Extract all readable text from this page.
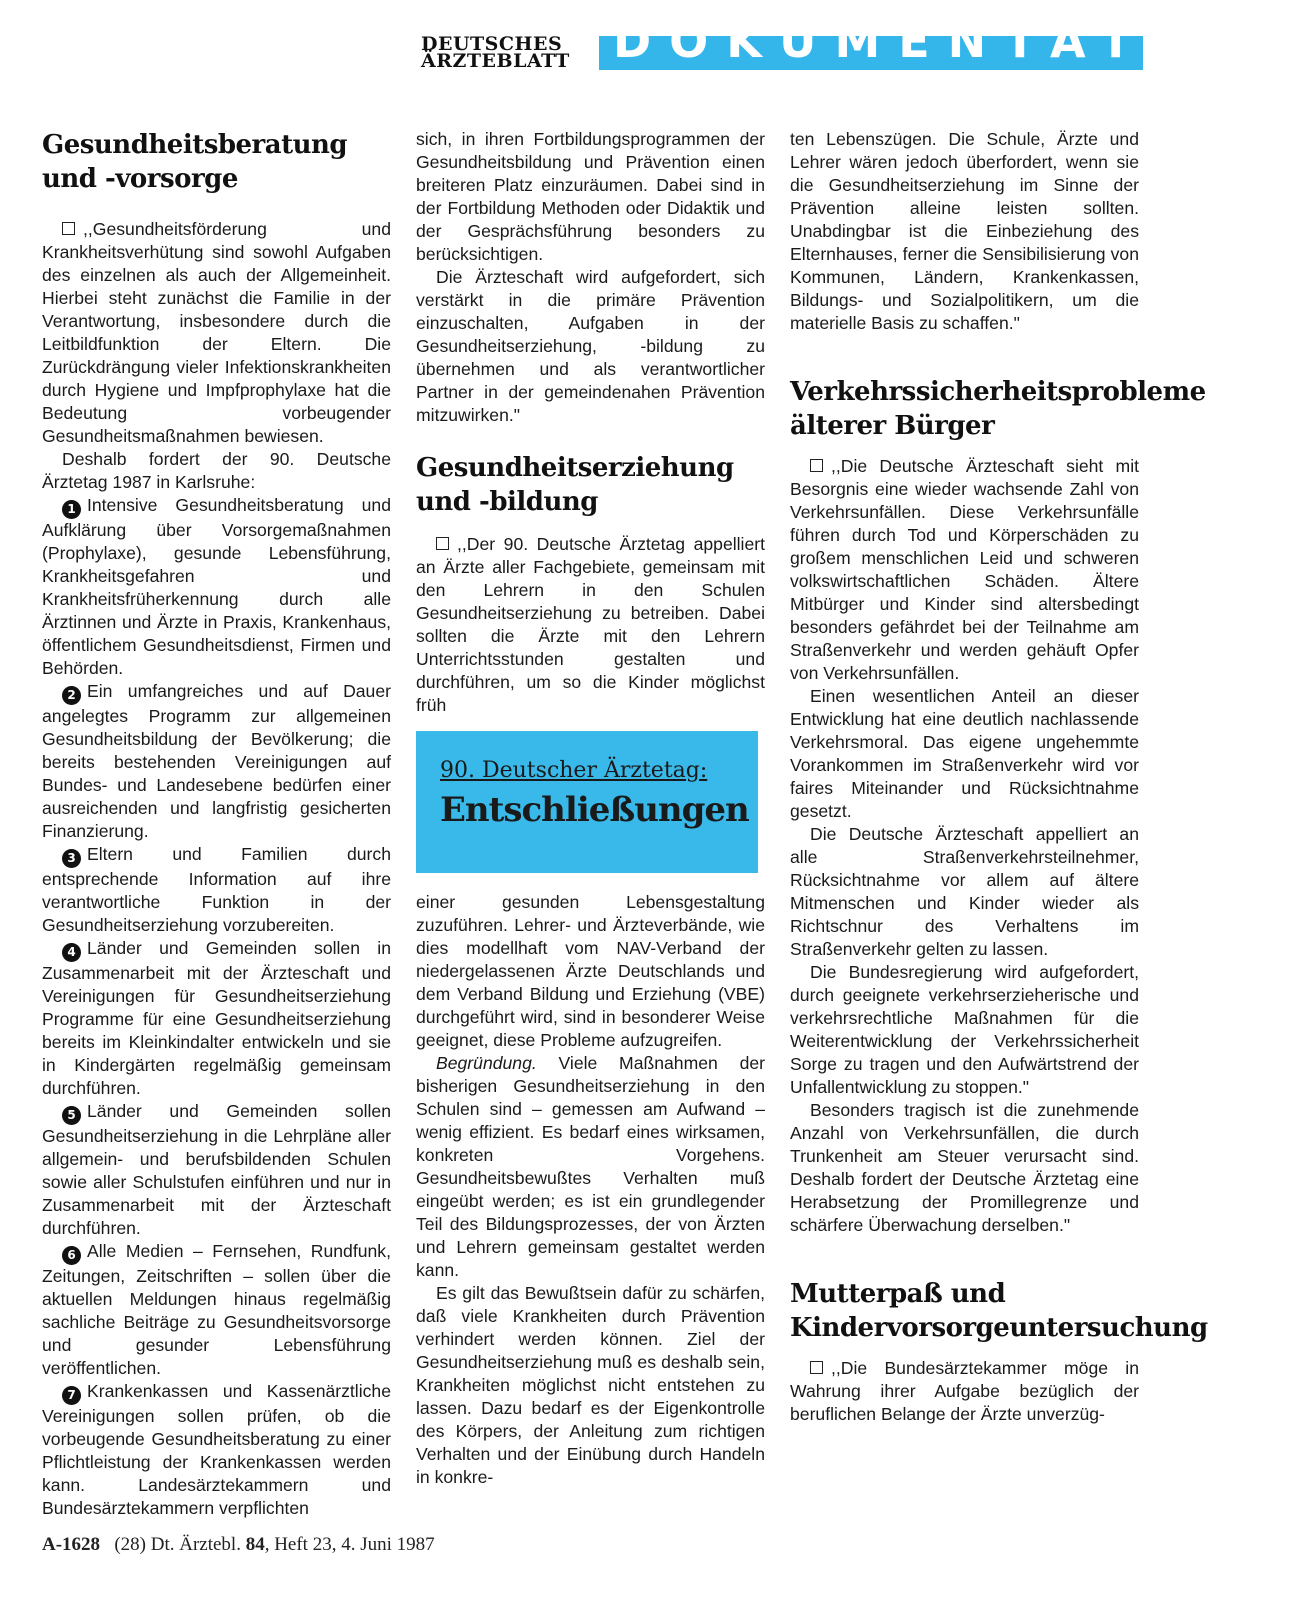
DEUTSCHES
ÄRZTEBLATT DOKUMENTATION
Gesundheitsberatung und -vorsorge

,,Gesundheitsförderung und Krankheitsverhütung sind sowohl Aufgaben des einzelnen als auch der Allgemeinheit. Hierbei steht zunächst die Familie in der Verantwortung, insbesondere durch die Leitbildfunktion der Eltern. Die Zurückdrängung vieler Infektionskrankheiten durch Hygiene und Impfprophylaxe hat die Bedeutung vorbeugender Gesundheitsmaßnahmen bewiesen.

Deshalb fordert der 90. Deutsche Ärztetag 1987 in Karlsruhe:

1 Intensive Gesundheitsberatung und Aufklärung über Vorsorgemaßnahmen (Prophylaxe), gesunde Lebensführung, Krankheitsgefahren und Krankheitsfrüherkennung durch alle Ärztinnen und Ärzte in Praxis, Krankenhaus, öffentlichem Gesundheitsdienst, Firmen und Behörden.

2 Ein umfangreiches und auf Dauer angelegtes Programm zur allgemeinen Gesundheitsbildung der Bevölkerung; die bereits bestehenden Vereinigungen auf Bundes- und Landesebene bedürfen einer ausreichenden und langfristig gesicherten Finanzierung.

3 Eltern und Familien durch entsprechende Information auf ihre verantwortliche Funktion in der Gesundheitserziehung vorzubereiten.

4 Länder und Gemeinden sollen in Zusammenarbeit mit der Ärzteschaft und Vereinigungen für Gesundheitserziehung Programme für eine Gesundheitserziehung bereits im Kleinkindalter entwickeln und sie in Kindergärten regelmäßig gemeinsam durchführen.

5 Länder und Gemeinden sollen Gesundheitserziehung in die Lehrpläne aller allgemein- und berufsbildenden Schulen sowie aller Schulstufen einführen und nur in Zusammenarbeit mit der Ärzteschaft durchführen.

6 Alle Medien – Fernsehen, Rundfunk, Zeitungen, Zeitschriften – sollen über die aktuellen Meldungen hinaus regelmäßig sachliche Beiträge zu Gesundheitsvorsorge und gesunder Lebensführung veröffentlichen.

7 Krankenkassen und Kassenärztliche Vereinigungen sollen prüfen, ob die vorbeugende Gesundheitsberatung zu einer Pflichtleistung der Krankenkassen werden kann. Landesärztekammern und Bundesärztekammern verpflichten

sich, in ihren Fortbildungsprogrammen der Gesundheitsbildung und Prävention einen breiteren Platz einzuräumen. Dabei sind in der Fortbildung Methoden oder Didaktik und der Gesprächsführung besonders zu berücksichtigen.

Die Ärzteschaft wird aufgefordert, sich verstärkt in die primäre Prävention einzuschalten, Aufgaben in der Gesundheitserziehung, -bildung zu übernehmen und als verantwortlicher Partner in der gemeindenahen Prävention mitzuwirken."

Gesundheitserziehung und -bildung

,,Der 90. Deutsche Ärztetag appelliert an Ärzte aller Fachgebiete, gemeinsam mit den Lehrern in den Schulen Gesundheitserziehung zu betreiben. Dabei sollten die Ärzte mit den Lehrern Unterrichtsstunden gestalten und durchführen, um so die Kinder möglichst früh

90. Deutscher Ärztetag:
Entschließungen

einer gesunden Lebensgestaltung zuzuführen. Lehrer- und Ärzteverbände, wie dies modellhaft vom NAV-Verband der niedergelassenen Ärzte Deutschlands und dem Verband Bildung und Erziehung (VBE) durchgeführt wird, sind in besonderer Weise geeignet, diese Probleme aufzugreifen.

Begründung. Viele Maßnahmen der bisherigen Gesundheitserziehung in den Schulen sind – gemessen am Aufwand – wenig effizient. Es bedarf eines wirksamen, konkreten Vorgehens. Gesundheitsbewußtes Verhalten muß eingeübt werden; es ist ein grundlegender Teil des Bildungsprozesses, der von Ärzten und Lehrern gemeinsam gestaltet werden kann.

Es gilt das Bewußtsein dafür zu schärfen, daß viele Krankheiten durch Prävention verhindert werden können. Ziel der Gesundheitserziehung muß es deshalb sein, Krankheiten möglichst nicht entstehen zu lassen. Dazu bedarf es der Eigenkontrolle des Körpers, der Anleitung zum richtigen Verhalten und der Einübung durch Handeln in konkre-

ten Lebenszügen. Die Schule, Ärzte und Lehrer wären jedoch überfordert, wenn sie die Gesundheitserziehung im Sinne der Prävention alleine leisten sollten. Unabdingbar ist die Einbeziehung des Elternhauses, ferner die Sensibilisierung von Kommunen, Ländern, Krankenkassen, Bildungs- und Sozialpolitikern, um die materielle Basis zu schaffen."

Verkehrssicherheitsprobleme älterer Bürger

,,Die Deutsche Ärzteschaft sieht mit Besorgnis eine wieder wachsende Zahl von Verkehrsunfällen. Diese Verkehrsunfälle führen durch Tod und Körperschäden zu großem menschlichen Leid und schweren volkswirtschaftlichen Schäden. Ältere Mitbürger und Kinder sind altersbedingt besonders gefährdet bei der Teilnahme am Straßenverkehr und werden gehäuft Opfer von Verkehrsunfällen.

Einen wesentlichen Anteil an dieser Entwicklung hat eine deutlich nachlassende Verkehrsmoral. Das eigene ungehemmte Vorankommen im Straßenverkehr wird vor faires Miteinander und Rücksichtnahme gesetzt.

Die Deutsche Ärzteschaft appelliert an alle Straßenverkehrsteilnehmer, Rücksichtnahme vor allem auf ältere Mitmenschen und Kinder wieder als Richtschnur des Verhaltens im Straßenverkehr gelten zu lassen.

Die Bundesregierung wird aufgefordert, durch geeignete verkehrserzieherische und verkehrsrechtliche Maßnahmen für die Weiterentwicklung der Verkehrssicherheit Sorge zu tragen und den Aufwärtstrend der Unfallentwicklung zu stoppen."

Besonders tragisch ist die zunehmende Anzahl von Verkehrsunfällen, die durch Trunkenheit am Steuer verursacht sind. Deshalb fordert der Deutsche Ärztetag eine Herabsetzung der Promillegrenze und schärfere Überwachung derselben."

Mutterpaß und Kindervorsorgeuntersuchung

,,Die Bundesärztekammer möge in Wahrung ihrer Aufgabe bezüglich der beruflichen Belange der Ärzte unverzüg-

A-1628 (28) Dt. Ärztebl. 84, Heft 23, 4. Juni 1987
